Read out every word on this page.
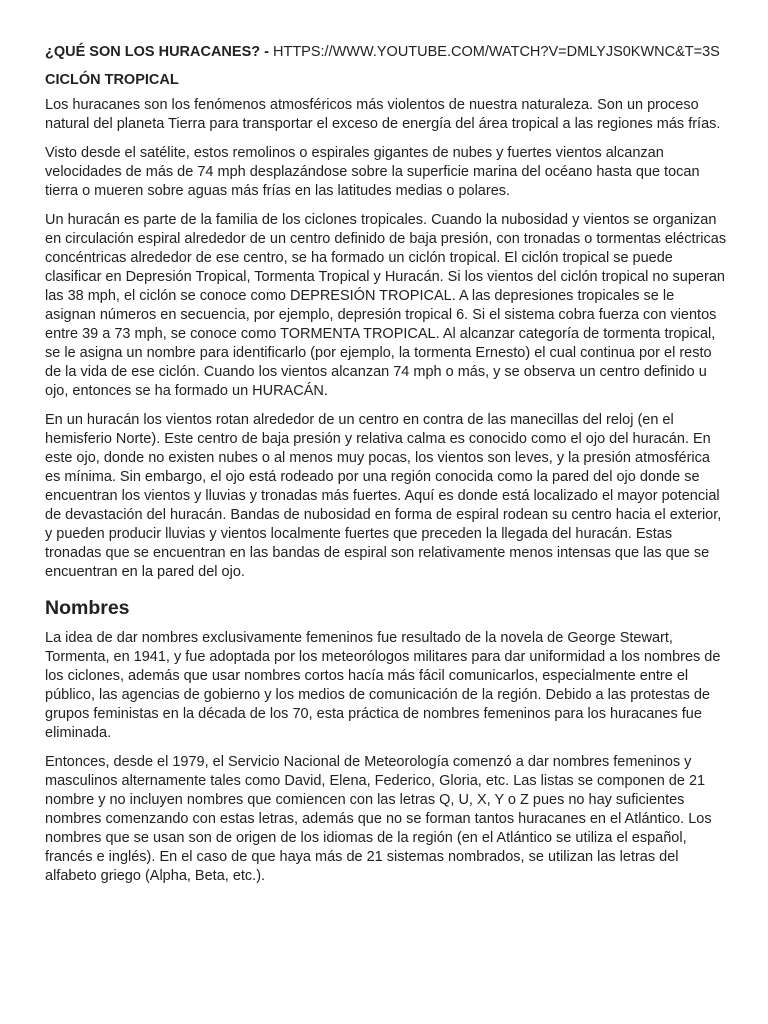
¿QUÉ SON LOS HURACANES? - HTTPS://WWW.YOUTUBE.COM/WATCH?V=DMLYJS0KWNC&T=3S
CICLÓN TROPICAL

Los huracanes son los fenómenos atmosféricos más violentos de nuestra naturaleza. Son un proceso natural del planeta Tierra para transportar el exceso de energía del área tropical a las regiones más frías.

Visto desde el satélite, estos remolinos o espirales gigantes de nubes y fuertes vientos alcanzan velocidades de más de 74 mph desplazándose sobre la superficie marina del océano hasta que tocan tierra o mueren sobre aguas más frías en las latitudes medias o polares.

Un huracán es parte de la familia de los ciclones tropicales. Cuando la nubosidad y vientos se organizan en circulación espiral alrededor de un centro definido de baja presión, con tronadas o tormentas eléctricas concéntricas alrededor de ese centro, se ha formado un ciclón tropical. El ciclón tropical se puede clasificar en Depresión Tropical, Tormenta Tropical y Huracán. Si los vientos del ciclón tropical no superan las 38 mph, el ciclón se conoce como DEPRESIÓN TROPICAL. A las depresiones tropicales se le asignan números en secuencia, por ejemplo, depresión tropical 6. Si el sistema cobra fuerza con vientos entre 39 a 73 mph, se conoce como TORMENTA TROPICAL. Al alcanzar categoría de tormenta tropical, se le asigna un nombre para identificarlo (por ejemplo, la tormenta Ernesto) el cual continua por el resto de la vida de ese ciclón. Cuando los vientos alcanzan 74 mph o más, y se observa un centro definido u ojo, entonces se ha formado un HURACÁN.

En un huracán los vientos rotan alrededor de un centro en contra de las manecillas del reloj (en el hemisferio Norte). Este centro de baja presión y relativa calma es conocido como el ojo del huracán. En este ojo, donde no existen nubes o al menos muy pocas, los vientos son leves, y la presión atmosférica es mínima. Sin embargo, el ojo está rodeado por una región conocida como la pared del ojo donde se encuentran los vientos y lluvias y tronadas más fuertes. Aquí es donde está localizado el mayor potencial de devastación del huracán. Bandas de nubosidad en forma de espiral rodean su centro hacia el exterior, y pueden producir lluvias y vientos localmente fuertes que preceden la llegada del huracán. Estas tronadas que se encuentran en las bandas de espiral son relativamente menos intensas que las que se encuentran en la pared del ojo.

Nombres

La idea de dar nombres exclusivamente femeninos fue resultado de la novela de George Stewart, Tormenta, en 1941, y fue adoptada por los meteorólogos militares para dar uniformidad a los nombres de los ciclones, además que usar nombres cortos hacía más fácil comunicarlos, especialmente entre el público, las agencias de gobierno y los medios de comunicación de la región. Debido a las protestas de grupos feministas en la década de los 70, esta práctica de nombres femeninos para los huracanes fue eliminada.

Entonces, desde el 1979, el Servicio Nacional de Meteorología comenzó a dar nombres femeninos y masculinos alternamente tales como David, Elena, Federico, Gloria, etc. Las listas se componen de 21 nombre y no incluyen nombres que comiencen con las letras Q, U, X, Y o Z pues no hay suficientes nombres comenzando con estas letras, además que no se forman tantos huracanes en el Atlántico. Los nombres que se usan son de origen de los idiomas de la región (en el Atlántico se utiliza el español, francés e inglés). En el caso de que haya más de 21 sistemas nombrados, se utilizan las letras del alfabeto griego (Alpha, Beta, etc.).
